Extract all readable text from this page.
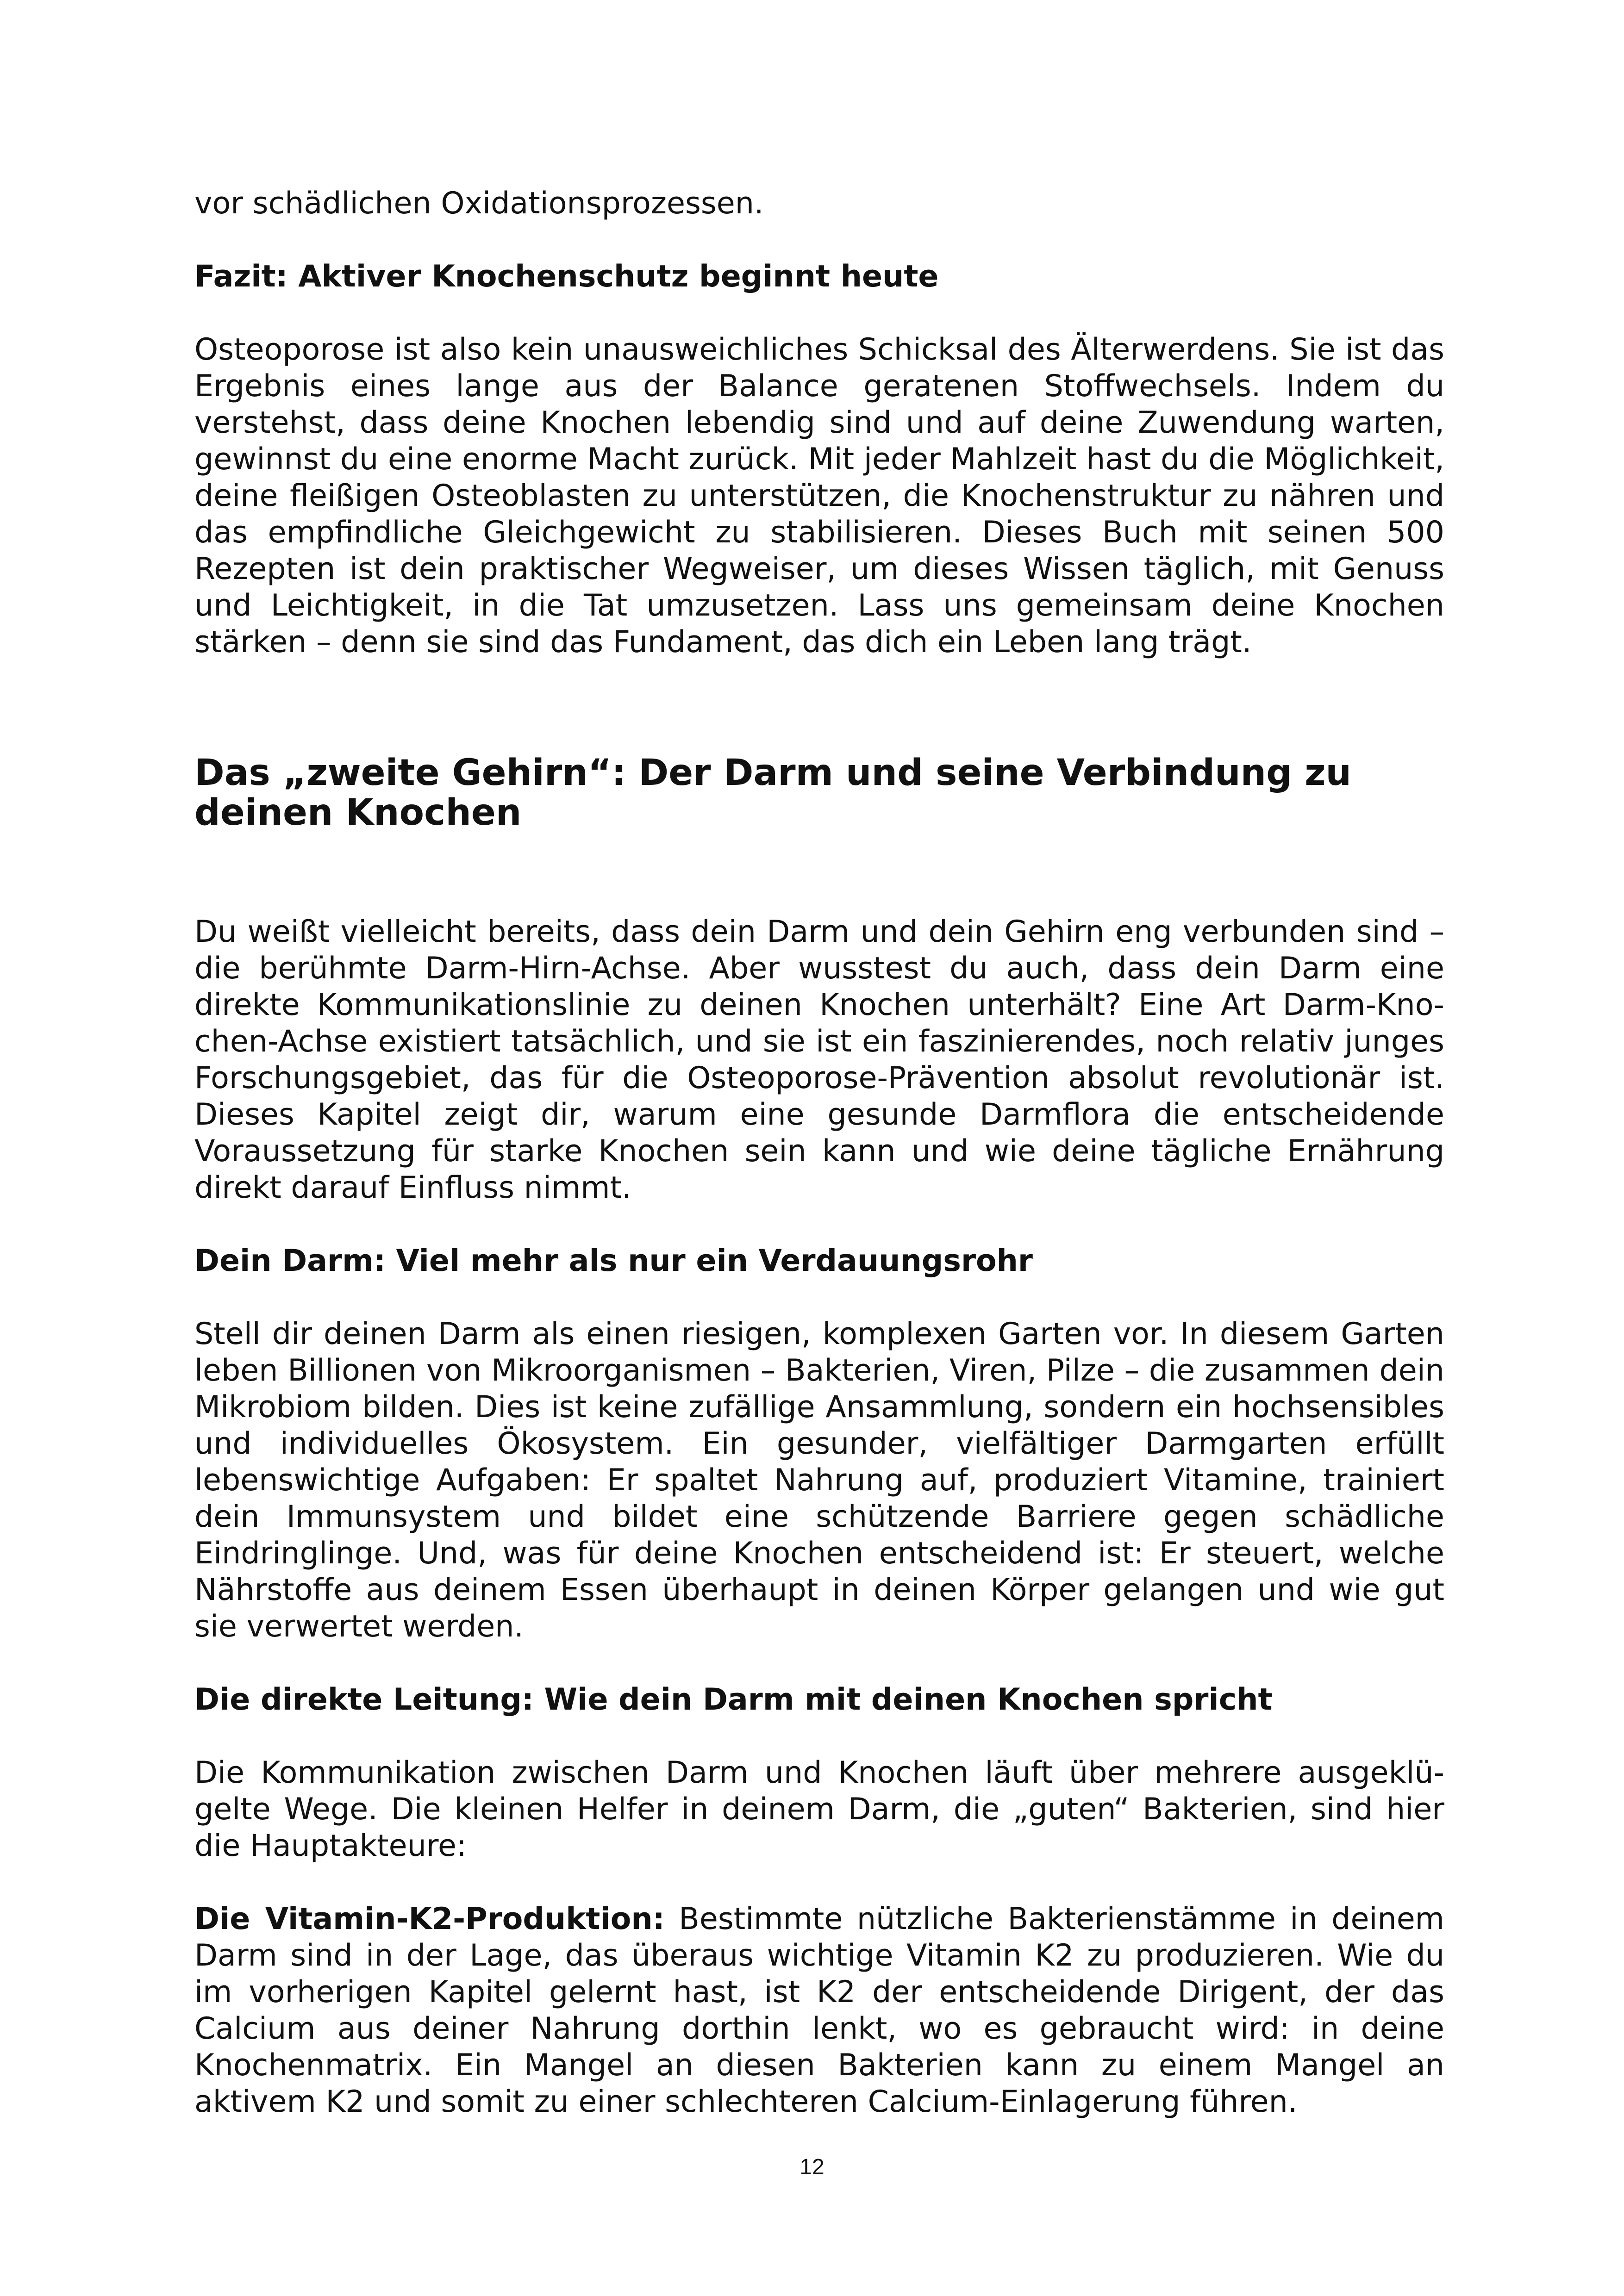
vor schädlichen Oxidationsprozessen.

Fazit: Aktiver Knochenschutz beginnt heute

Osteoporose ist also kein unausweichliches Schicksal des Älterwerdens. Sie ist das Ergebnis eines lange aus der Balance geratenen Stoffwechsels. Indem du verstehst, dass deine Knochen lebendig sind und auf deine Zuwendung warten, gewinnst du eine enorme Macht zurück. Mit jeder Mahlzeit hast du die Möglichkeit, deine fleißigen Osteoblasten zu unterstützen, die Knochenstruktur zu nähren und das empfindliche Gleichgewicht zu stabilisieren. Dieses Buch mit seinen 500 Rezepten ist dein praktischer Wegweiser, um dieses Wissen täglich, mit Genuss und Leichtigkeit, in die Tat umzusetzen. Lass uns gemeinsam deine Knochen stärken – denn sie sind das Fundament, das dich ein Leben lang trägt.

Das „zweite Gehirn“: Der Darm und seine Verbindung zu deinen Knochen

Du weißt vielleicht bereits, dass dein Darm und dein Gehirn eng verbunden sind – die berühmte Darm-Hirn-Achse. Aber wusstest du auch, dass dein Darm eine direkte Kommunikationslinie zu deinen Knochen unterhält? Eine Art Darm-Knochen-Achse existiert tatsächlich, und sie ist ein faszinierendes, noch relativ junges Forschungsgebiet, das für die Osteoporose-Prävention absolut revolutionär ist. Dieses Kapitel zeigt dir, warum eine gesunde Darmflora die entscheidende Voraussetzung für starke Knochen sein kann und wie deine tägliche Ernährung direkt darauf Einfluss nimmt.

Dein Darm: Viel mehr als nur ein Verdauungsrohr

Stell dir deinen Darm als einen riesigen, komplexen Garten vor. In diesem Garten leben Billionen von Mikroorganismen – Bakterien, Viren, Pilze – die zusammen dein Mikrobiom bilden. Dies ist keine zufällige Ansammlung, sondern ein hochsensibles und individuelles Ökosystem. Ein gesunder, vielfältiger Darmgarten erfüllt lebenswichtige Aufgaben: Er spaltet Nahrung auf, produziert Vitamine, trainiert dein Immunsystem und bildet eine schützende Barriere gegen schädliche Eindringlinge. Und, was für deine Knochen entscheidend ist: Er steuert, welche Nährstoffe aus deinem Essen überhaupt in deinen Körper gelangen und wie gut sie verwertet werden.

Die direkte Leitung: Wie dein Darm mit deinen Knochen spricht

Die Kommunikation zwischen Darm und Knochen läuft über mehrere ausgeklügelte Wege. Die kleinen Helfer in deinem Darm, die „guten“ Bakterien, sind hier die Hauptakteure:

Die Vitamin-K2-Produktion: Bestimmte nützliche Bakterienstämme in deinem Darm sind in der Lage, das überaus wichtige Vitamin K2 zu produzieren. Wie du im vorherigen Kapitel gelernt hast, ist K2 der entscheidende Dirigent, der das Calcium aus deiner Nahrung dorthin lenkt, wo es gebraucht wird: in deine Knochenmatrix. Ein Mangel an diesen Bakterien kann zu einem Mangel an aktivem K2 und somit zu einer schlechteren Calcium-Einlagerung führen.

12
